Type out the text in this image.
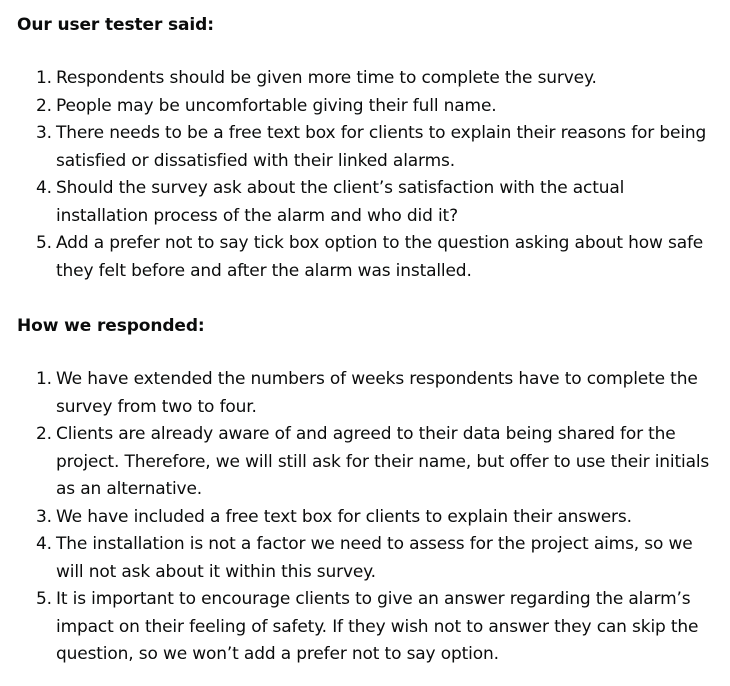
Our user tester said:
1. Respondents should be given more time to complete the survey.
2. People may be uncomfortable giving their full name.
3. There needs to be a free text box for clients to explain their reasons for being satisfied or dissatisfied with their linked alarms.
4. Should the survey ask about the client’s satisfaction with the actual installation process of the alarm and who did it?
5. Add a prefer not to say tick box option to the question asking about how safe they felt before and after the alarm was installed.
How we responded:
1. We have extended the numbers of weeks respondents have to complete the survey from two to four.
2. Clients are already aware of and agreed to their data being shared for the project. Therefore, we will still ask for their name, but offer to use their initials as an alternative.
3. We have included a free text box for clients to explain their answers.
4. The installation is not a factor we need to assess for the project aims, so we will not ask about it within this survey.
5. It is important to encourage clients to give an answer regarding the alarm’s impact on their feeling of safety. If they wish not to answer they can skip the question, so we won’t add a prefer not to say option.
